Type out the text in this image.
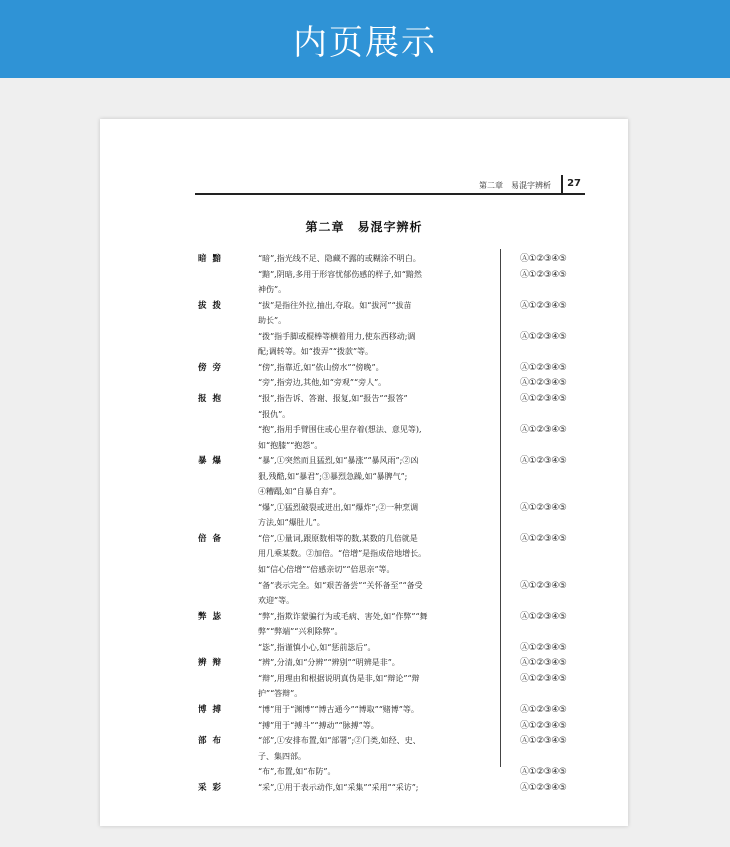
内页展示
第二章　易混字辨析 27
第二章　易混字辨析
暗黯	“暗”,指光线不足、隐藏不露的或糊涂不明白。	Ⓐ①②③④⑤
“黯”,阴暗,多用于形容忧郁伤感的样子,如“黯然	Ⓐ①②③④⑤
神伤”。
拔拨	“拔”是指往外拉,抽出,夺取。如“拔河”“拔苗	Ⓐ①②③④⑤
助长”。
“拨”指手脚或棍棒等横着用力,使东西移动;调	Ⓐ①②③④⑤
配;调转等。如“拨弄”“拨款”等。
傍旁	“傍”,指靠近,如“依山傍水”“傍晚”。	Ⓐ①②③④⑤
“旁”,指旁边,其他,如“旁观”“旁人”。	Ⓐ①②③④⑤
报抱	“报”,指告诉、答谢、报复,如“报告”“报答”	Ⓐ①②③④⑤
“报仇”。
“抱”,指用手臂围住或心里存着(想法、意见等),	Ⓐ①②③④⑤
如“抱膝”“抱怨”。
暴爆	“暴”,①突然而且猛烈,如“暴涨”“暴风雨”;②凶	Ⓐ①②③④⑤
狠,残酷,如“暴君”;③暴烈急躁,如“暴脾气”;
④糟蹋,如“自暴自弃”。
“爆”,①猛烈破裂或迸出,如“爆炸”;②一种烹调	Ⓐ①②③④⑤
方法,如“爆肚儿”。
倍备	“倍”,①量词,跟原数相等的数,某数的几倍就是	Ⓐ①②③④⑤
用几乘某数。②加倍。“倍增”是指成倍地增长。
如“信心倍增”“倍感亲切”“倍思亲”等。
“备”表示完全。如“艰苦备尝”“关怀备至”“备受	Ⓐ①②③④⑤
欢迎”等。
弊毖	“弊”,指欺诈蒙骗行为或毛病、害处,如“作弊”“舞	Ⓐ①②③④⑤
弊”“弊端”“兴利除弊”。
“毖”,指谨慎小心,如“惩前毖后”。	Ⓐ①②③④⑤
辨辩	“辨”,分清,如“分辨”“辨别”“明辨是非”。	Ⓐ①②③④⑤
“辩”,用理由和根据说明真伪是非,如“辩论”“辩	Ⓐ①②③④⑤
护”“答辩”。
博搏	“博”用于“渊博”“博古通今”“博取”“赌博”等。	Ⓐ①②③④⑤
“搏”用于“搏斗”“搏动”“脉搏”等。	Ⓐ①②③④⑤
部布	“部”,①安排布置,如“部署”;②门类,如经、史、	Ⓐ①②③④⑤
子、集四部。
“布”,布置,如“布防”。	Ⓐ①②③④⑤
采彩	“采”,①用于表示动作,如“采集”“采用”“采访”;	Ⓐ①②③④⑤
